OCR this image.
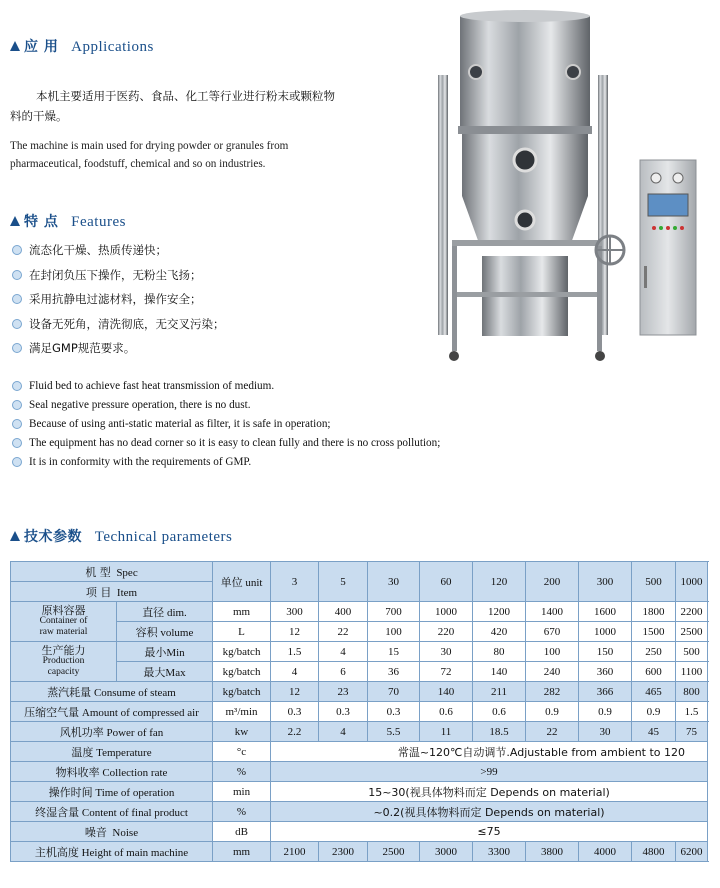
应 用 Applications
本机主要适用于医药、食品、化工等行业进行粉末或颗粒物
料的干燥。
The machine is main used for drying powder or granules from
pharmaceutical, foodstuff, chemical and so on industries.
特 点 Features
流态化干燥、热质传递快；
在封闭负压下操作，无粉尘飞扬；
采用抗静电过滤材料，操作安全；
设备无死角，清洗彻底，无交叉污染；
满足GMP规范要求。
Fluid bed to achieve fast heat transmission of medium.
Seal negative pressure operation, there is no dust.
Because of using anti-static material as filter, it is safe in operation;
The equipment has no dead corner so it is easy to clean fully and there is no cross pollution;
It is in conformity with the requirements of GMP.
技术参数 Technical parameters
机 型 Spec		单位 unit	3	5	30	60	120	200	300	500	1000
项 目 Item											

原料容器
Container of
raw material	直径 dim.	mm	300	400	700	1000	1200	1400	1600	1800	2200
	容积 volume	L	12	22	100	220	420	670	1000	1500	2500

生产能力
Production
capacity	最小Min	kg/batch	1.5	4	15	30	80	100	150	250	500
	最大Max	kg/batch	4	6	36	72	140	240	360	600	1100
蒸汽耗量 Consume of steam		kg/batch	12	23	70	140	211	282	366	465	800
压缩空气量 Amount of compressed air		m³/min	0.3	0.3	0.3	0.6	0.6	0.9	0.9	0.9	1.5
风机功率 Power of fan		kw	2.2	4	5.5	11	18.5	22	30	45	75
温度 Temperature		°c	常温~120℃自动调节.Adjustable from ambient to 120								
物料收率 Collection rate		%	>99								
操作时间 Time of operation		min	15~30(视具体物料而定 Depends on material)								
终湿含量 Content of final product		%	~0.2(视具体物料而定 Depends on material)								
噪音 Noise		dB	≤75								
主机高度 Height of main machine		mm	2100	2300	2500	3000	3300	3800	4000	4800	6200
